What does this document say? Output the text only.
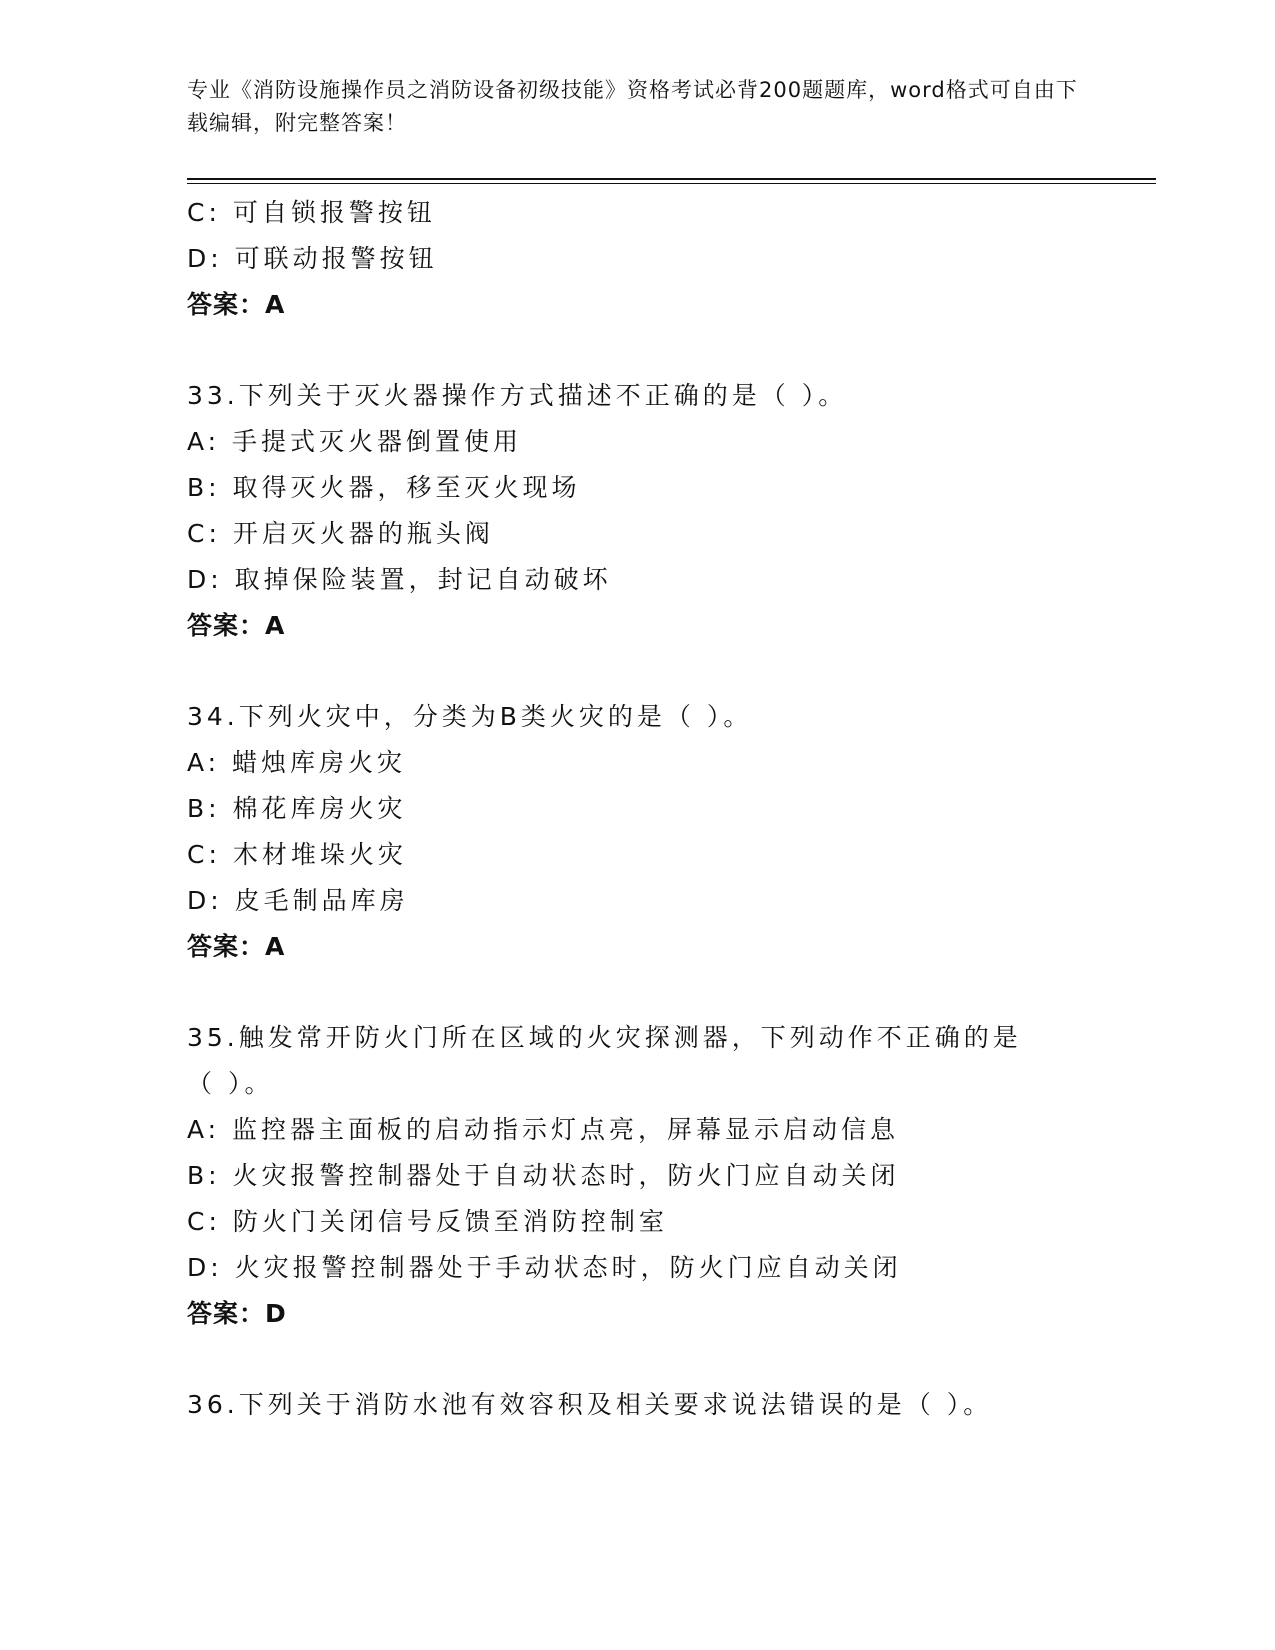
专业《消防设施操作员之消防设备初级技能》资格考试必背200题题库，word格式可自由下载编辑，附完整答案！
C: 可自锁报警按钮
D: 可联动报警按钮
答案：A
33.下列关于灭火器操作方式描述不正确的是（ ）。
A: 手提式灭火器倒置使用
B: 取得灭火器，移至灭火现场
C: 开启灭火器的瓶头阀
D: 取掉保险装置，封记自动破坏
答案：A
34.下列火灾中，分类为B类火灾的是（ ）。
A: 蜡烛库房火灾
B: 棉花库房火灾
C: 木材堆垛火灾
D: 皮毛制品库房
答案：A
35.触发常开防火门所在区域的火灾探测器，下列动作不正确的是（ ）。
A: 监控器主面板的启动指示灯点亮，屏幕显示启动信息
B: 火灾报警控制器处于自动状态时，防火门应自动关闭
C: 防火门关闭信号反馈至消防控制室
D: 火灾报警控制器处于手动状态时，防火门应自动关闭
答案：D
36.下列关于消防水池有效容积及相关要求说法错误的是（ ）。
